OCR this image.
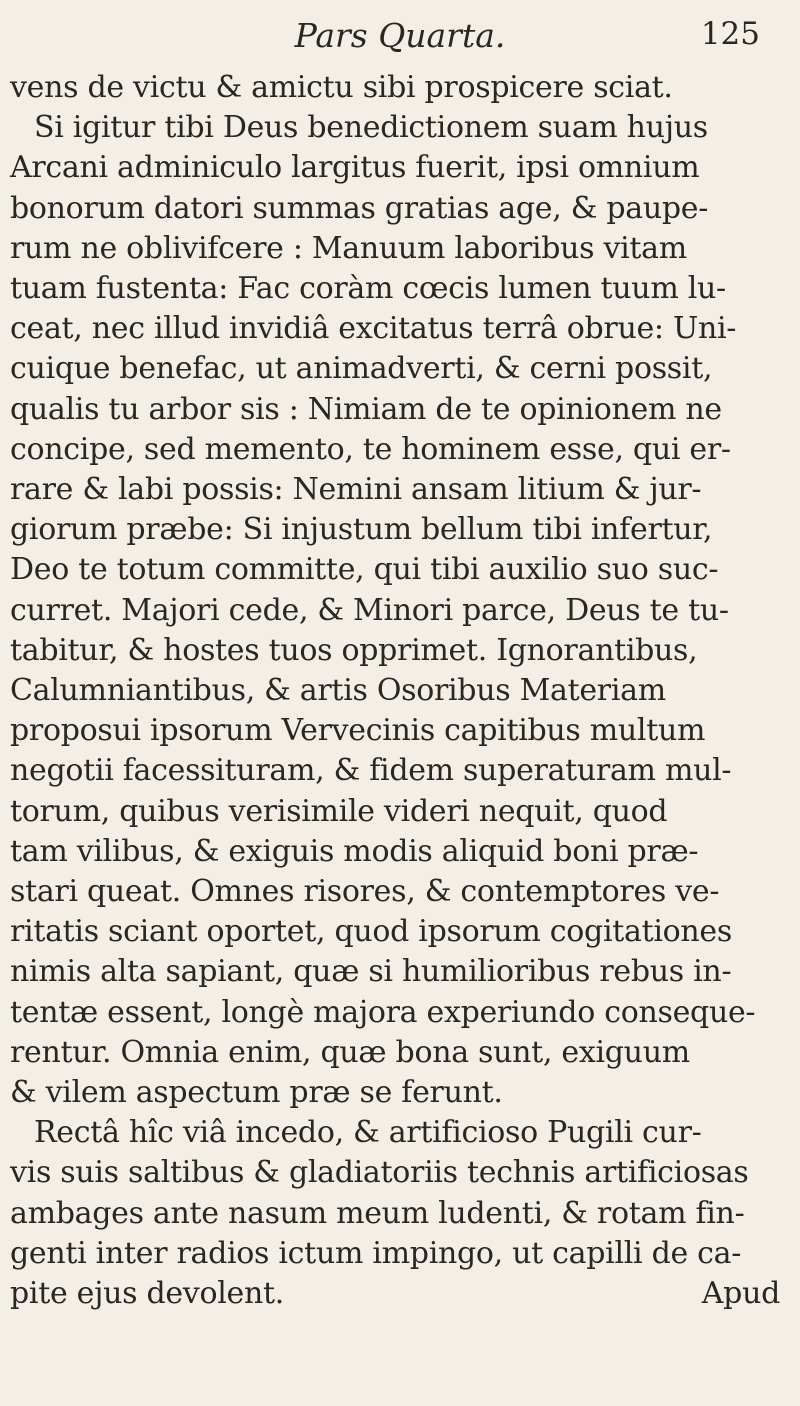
Pars Quarta.	125
vens de victu & amictu sibi prospicere sciat.
Si igitur tibi Deus benedictionem suam hujus
Arcani adminiculo largitus fuerit, ipsi omnium
bonorum datori summas gratias age, & paupe-
rum ne oblivifcere : Manuum laboribus vitam
tuam fustenta: Fac coràm cœcis lumen tuum lu-
ceat, nec illud invidiâ excitatus terrâ obrue: Uni-
cuique benefac, ut animadverti, & cerni possit,
qualis tu arbor sis : Nimiam de te opinionem ne
concipe, sed memento, te hominem esse, qui er-
rare & labi possis: Nemini ansam litium & jur-
giorum præbe: Si injustum bellum tibi infertur,
Deo te totum committe, qui tibi auxilio suo suc-
curret. Majori cede, & Minori parce, Deus te tu-
tabitur, & hostes tuos opprimet. Ignorantibus,
Calumniantibus, & artis Osoribus Materiam
proposui ipsorum Vervecinis capitibus multum
negotii facessituram, & fidem superaturam mul-
torum, quibus verisimile videri nequit, quod
tam vilibus, & exiguis modis aliquid boni præ-
stari queat. Omnes risores, & contemptores ve-
ritatis sciant oportet, quod ipsorum cogitationes
nimis alta sapiant, quæ si humilioribus rebus in-
tentæ essent, longè majora experiundo conseque-
rentur. Omnia enim, quæ bona sunt, exiguum
& vilem aspectum præ se ferunt.
Rectâ hîc viâ incedo, & artificioso Pugili cur-
vis suis saltibus & gladiatoriis technis artificiosas
ambages ante nasum meum ludenti, & rotam fin-
genti inter radios ictum impingo, ut capilli de ca-
pite ejus devolent.	Apud
